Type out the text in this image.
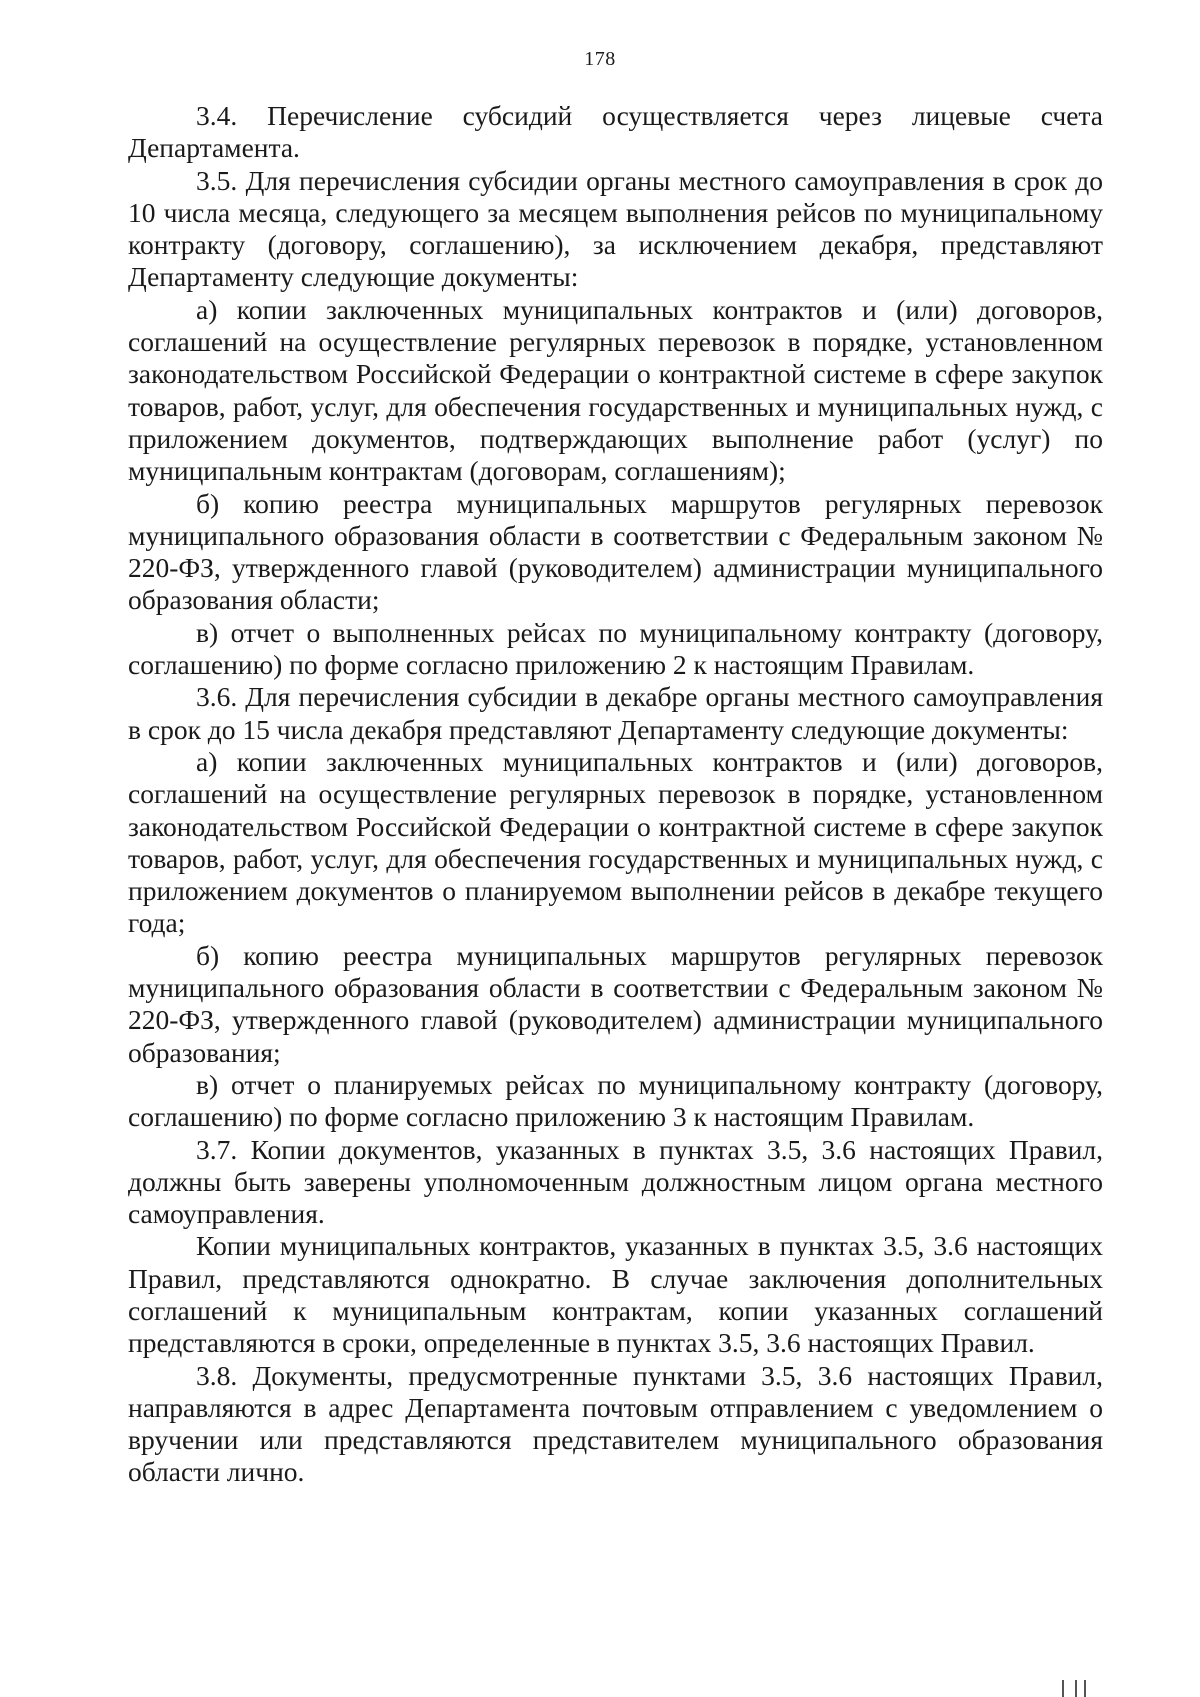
178

3.4. Перечисление субсидий осуществляется через лицевые счета Департамента.

3.5. Для перечисления субсидии органы местного самоуправления в срок до 10 числа месяца, следующего за месяцем выполнения рейсов по муниципальному контракту (договору, соглашению), за исключением декабря, представляют Департаменту следующие документы:

а) копии заключенных муниципальных контрактов и (или) договоров, соглашений на осуществление регулярных перевозок в порядке, установленном законодательством Российской Федерации о контрактной системе в сфере закупок товаров, работ, услуг, для обеспечения государственных и муниципальных нужд, с приложением документов, подтверждающих выполнение работ (услуг) по муниципальным контрактам (договорам, соглашениям);

б) копию реестра муниципальных маршрутов регулярных перевозок муниципального образования области в соответствии с Федеральным законом № 220-ФЗ, утвержденного главой (руководителем) администрации муниципального образования области;

в) отчет о выполненных рейсах по муниципальному контракту (договору, соглашению) по форме согласно приложению 2 к настоящим Правилам.

3.6. Для перечисления субсидии в декабре органы местного самоуправления в срок до 15 числа декабря представляют Департаменту следующие документы:

а) копии заключенных муниципальных контрактов и (или) договоров, соглашений на осуществление регулярных перевозок в порядке, установленном законодательством Российской Федерации о контрактной системе в сфере закупок товаров, работ, услуг, для обеспечения государственных и муниципальных нужд, с приложением документов о планируемом выполнении рейсов в декабре текущего года;

б) копию реестра муниципальных маршрутов регулярных перевозок муниципального образования области в соответствии с Федеральным законом № 220-ФЗ, утвержденного главой (руководителем) администрации муниципального образования;

в) отчет о планируемых рейсах по муниципальному контракту (договору, соглашению) по форме согласно приложению 3 к настоящим Правилам.

3.7. Копии документов, указанных в пунктах 3.5, 3.6 настоящих Правил, должны быть заверены уполномоченным должностным лицом органа местного самоуправления.

Копии муниципальных контрактов, указанных в пунктах 3.5, 3.6 настоящих Правил, представляются однократно. В случае заключения дополнительных соглашений к муниципальным контрактам, копии указанных соглашений представляются в сроки, определенные в пунктах 3.5, 3.6 настоящих Правил.

3.8. Документы, предусмотренные пунктами 3.5, 3.6 настоящих Правил, направляются в адрес Департамента почтовым отправлением с уведомлением о вручении или представляются представителем муниципального образования области лично.
